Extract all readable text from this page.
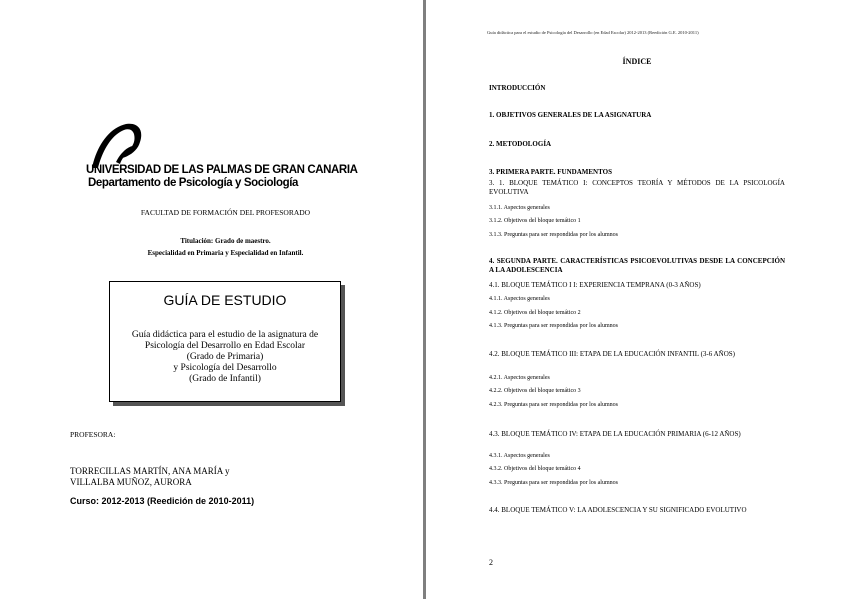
UNIVERSIDAD DE LAS PALMAS DE GRAN CANARIA
Departamento de Psicología y Sociología
FACULTAD DE FORMACIÓN DEL PROFESORADO
Titulación: Grado de maestro.
Especialidad en Primaria y Especialidad en Infantil.
GUÍA DE ESTUDIO
Guía didáctica para el estudio de la asignatura de
Psicología del Desarrollo en Edad Escolar
(Grado de Primaria)
y Psicología del Desarrollo
(Grado de Infantil)
PROFESORA:
TORRECILLAS MARTÍN, ANA MARÍA y
VILLALBA MUÑOZ, AURORA
Curso: 2012-2013 (Reedición de 2010-2011)
Guía didáctica para el estudio de Psicología del Desarrollo (en Edad Escolar) 2012-2013 (Reedición G.E. 2010-2011)
ÍNDICE
INTRODUCCIÓN
1. OBJETIVOS GENERALES DE LA ASIGNATURA
2. METODOLOGÍA
3. PRIMERA PARTE. FUNDAMENTOS
3. 1. BLOQUE TEMÁTICO I: CONCEPTOS TEORÍA Y MÉTODOS DE LA PSICOLOGÍA EVOLUTIVA
3.1.1. Aspectos generales
3.1.2. Objetivos del bloque temático 1
3.1.3. Preguntas para ser respondidas por los alumnos
4. SEGUNDA PARTE. CARACTERÍSTICAS PSICOEVOLUTIVAS DESDE LA CONCEPCIÓN A LA ADOLESCENCIA
4.1. BLOQUE TEMÁTICO I I: EXPERIENCIA TEMPRANA (0-3 AÑOS)
4.1.1. Aspectos generales
4.1.2. Objetivos del bloque temático 2
4.1.3. Preguntas para ser respondidas por los alumnos
4.2. BLOQUE TEMÁTICO III: ETAPA DE LA EDUCACIÓN INFANTIL (3-6 AÑOS)
4.2.1. Aspectos generales
4.2.2. Objetivos del bloque temático 3
4.2.3. Preguntas para ser respondidas por los alumnos
4.3. BLOQUE TEMÁTICO IV: ETAPA DE LA EDUCACIÓN PRIMARIA (6-12 AÑOS)
4.3.1. Aspectos generales
4.3.2. Objetivos del bloque temático 4
4.3.3. Preguntas para ser respondidas por los alumnos
4.4. BLOQUE TEMÁTICO V: LA ADOLESCENCIA Y SU SIGNIFICADO EVOLUTIVO
2
